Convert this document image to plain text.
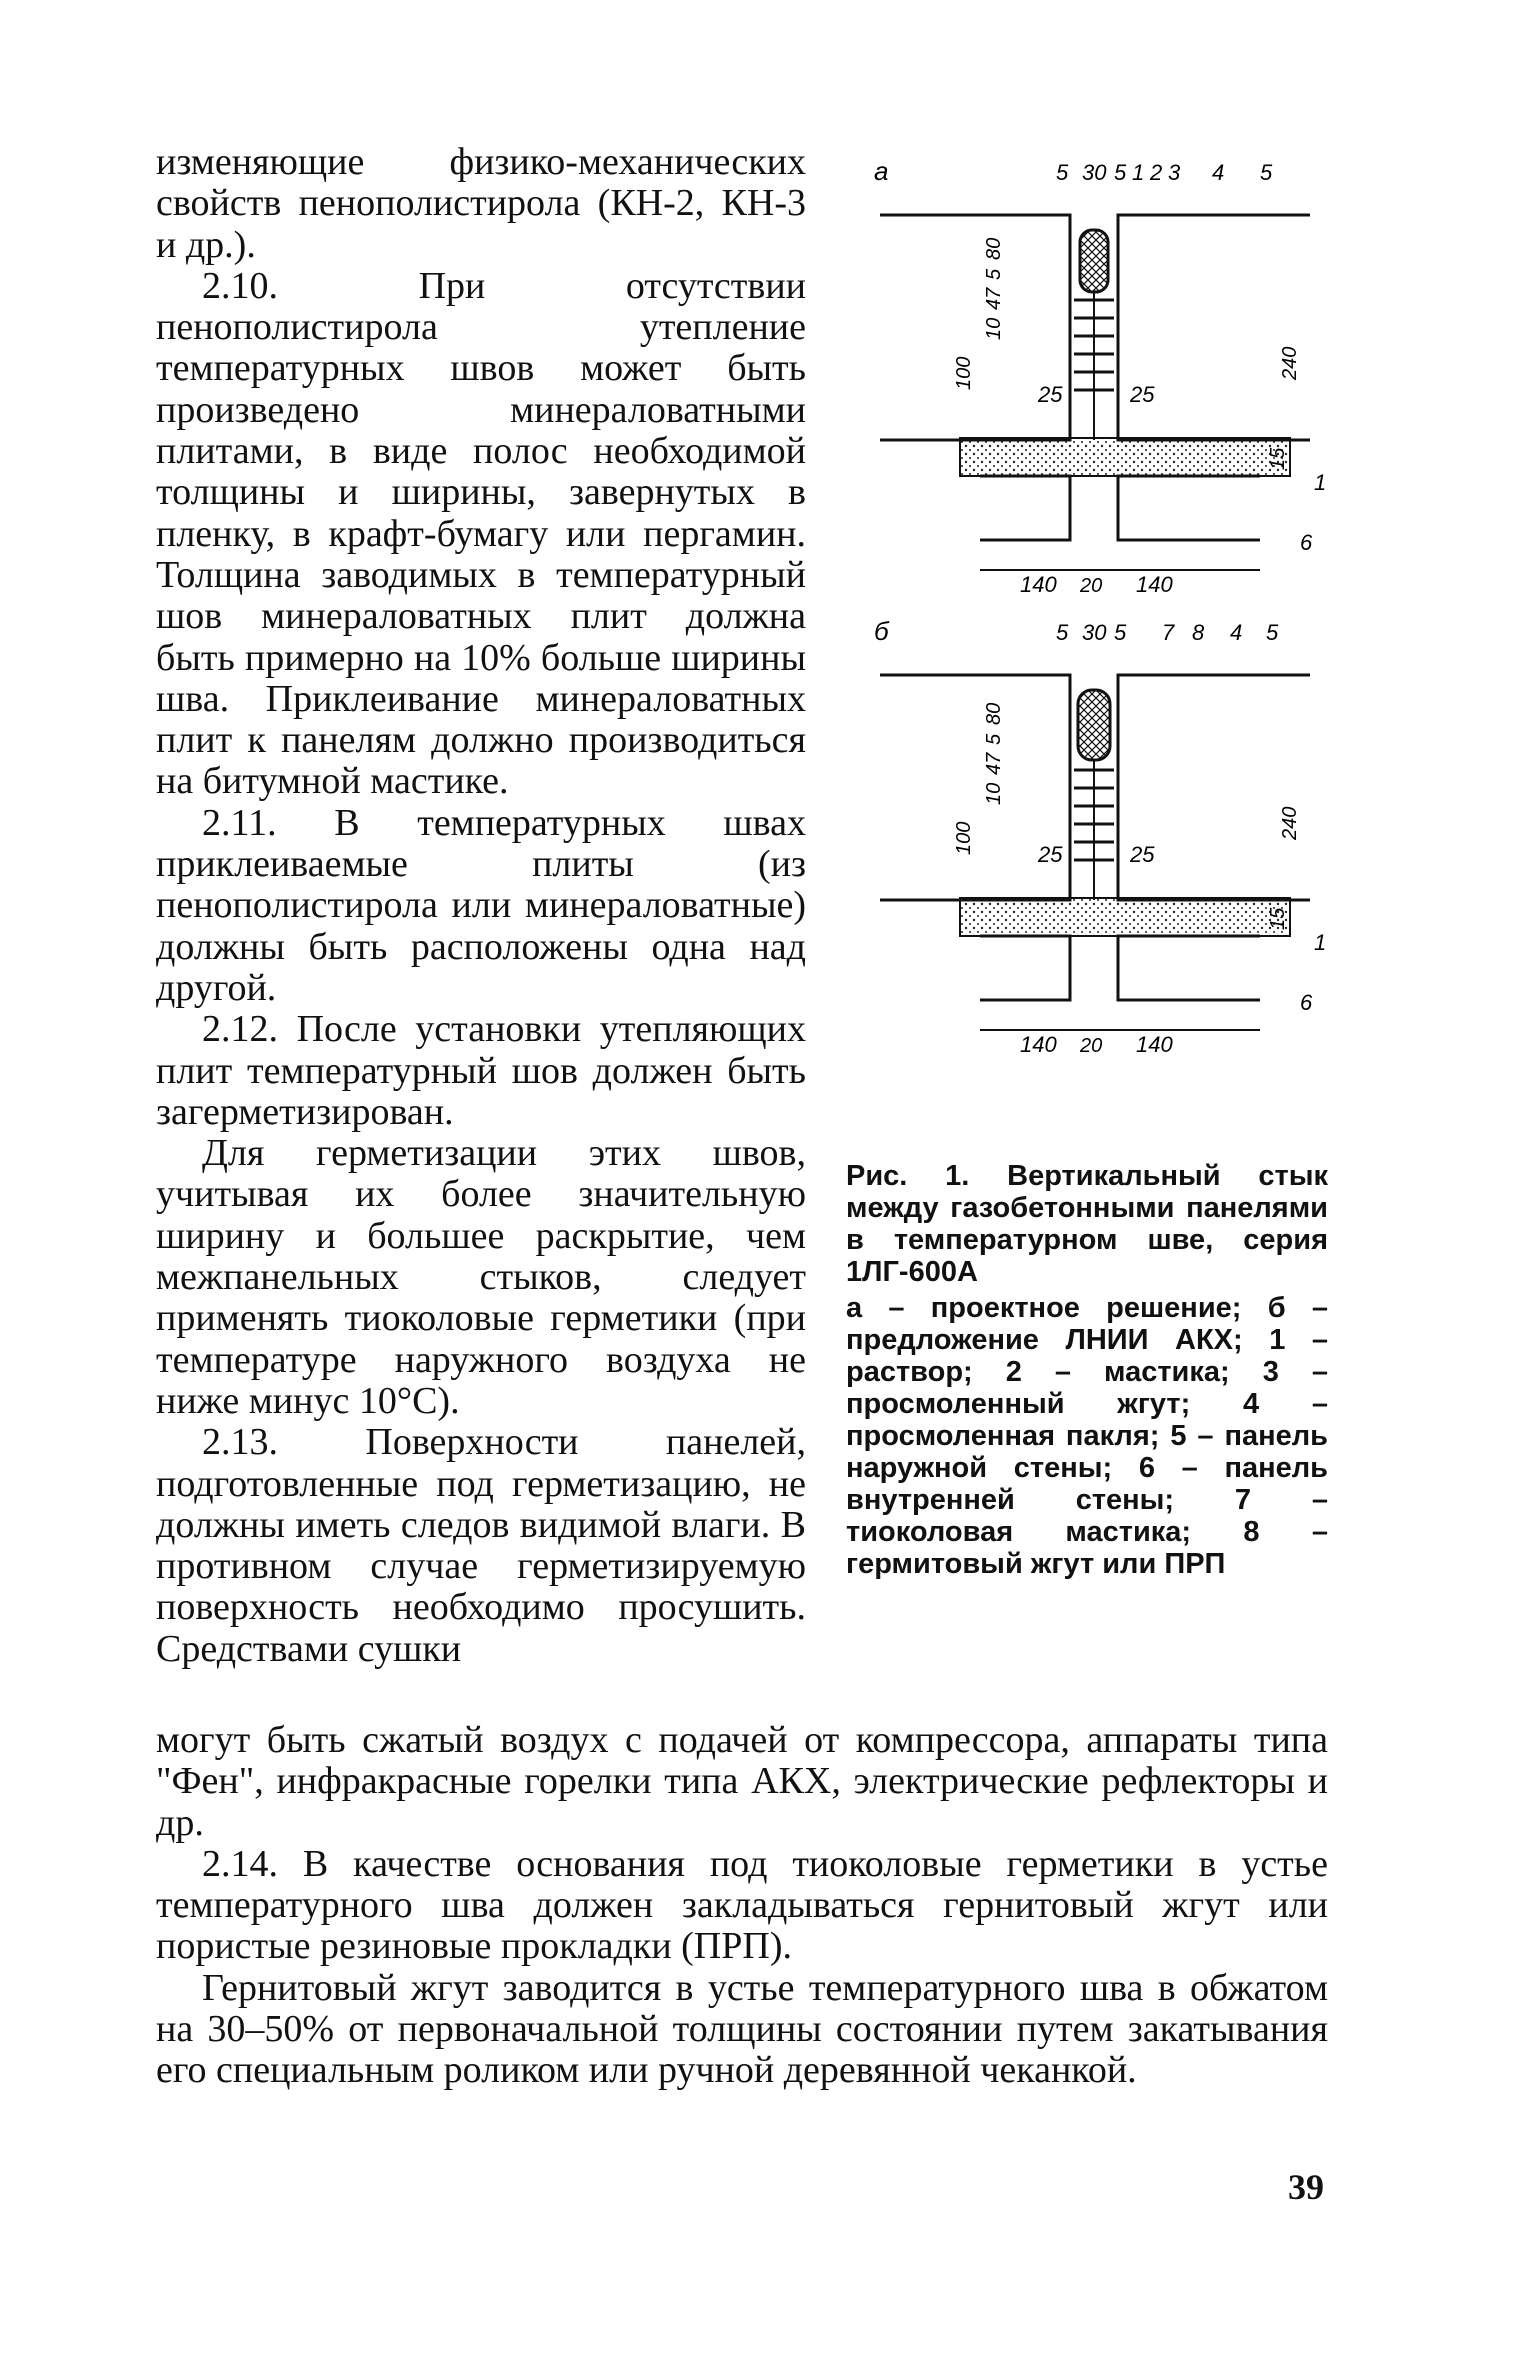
изменяющие физико-механических свойств пенополистирола (КН-2, КН-3 и др.).

2.10. При отсутствии пенополистирола утепление температурных швов может быть произведено минераловатными плитами, в виде полос необходимой толщины и ширины, завернутых в пленку, в крафт-бумагу или пергамин. Толщина заводимых в температурный шов минераловатных плит должна быть примерно на 10% больше ширины шва. Приклеивание минераловатных плит к панелям должно производиться на битумной мастике.

2.11. В температурных швах приклеиваемые плиты (из пенополистирола или минераловатные) должны быть расположены одна над другой.

2.12. После установки утепляющих плит температурный шов должен быть загерметизирован.

Для герметизации этих швов, учитывая их более значительную ширину и большее раскрытие, чем межпанельных стыков, следует применять тиоколовые герметики (при температуре наружного воздуха не ниже минус 10°С).

2.13. Поверхности панелей, подготовленные под герметизацию, не должны иметь следов видимой влаги. В противном случае герметизируемую поверхность необходимо просушить. Средствами сушки

а	5 30 5 1 2 3 4 5
100
10
47
5
80
25	25
240
15
1
6
140 20 140
б	5 30 5 7 8 4 5
100
10
47
5
80
25	25
240
15
1
6
140 20 140

Рис. 1. Вертикальный стык между газобетонными панелями в температурном шве, серия 1ЛГ-600А

а – проектное решение; б – предложение ЛНИИ АКХ; 1 – раствор; 2 – мастика; 3 – просмоленный жгут; 4 – просмоленная пакля; 5 – панель наружной стены; 6 – панель внутренней стены; 7 – тиоколовая мастика; 8 – гермитовый жгут или ПРП

могут быть сжатый воздух с подачей от компрессора, аппараты типа "Фен", инфракрасные горелки типа АКХ, электрические рефлекторы и др.

2.14. В качестве основания под тиоколовые герметики в устье температурного шва должен закладываться гернитовый жгут или пористые резиновые прокладки (ПРП).

Гернитовый жгут заводится в устье температурного шва в обжатом на 30–50% от первоначальной толщины состоянии путем закатывания его специальным роликом или ручной деревянной чеканкой.

39
